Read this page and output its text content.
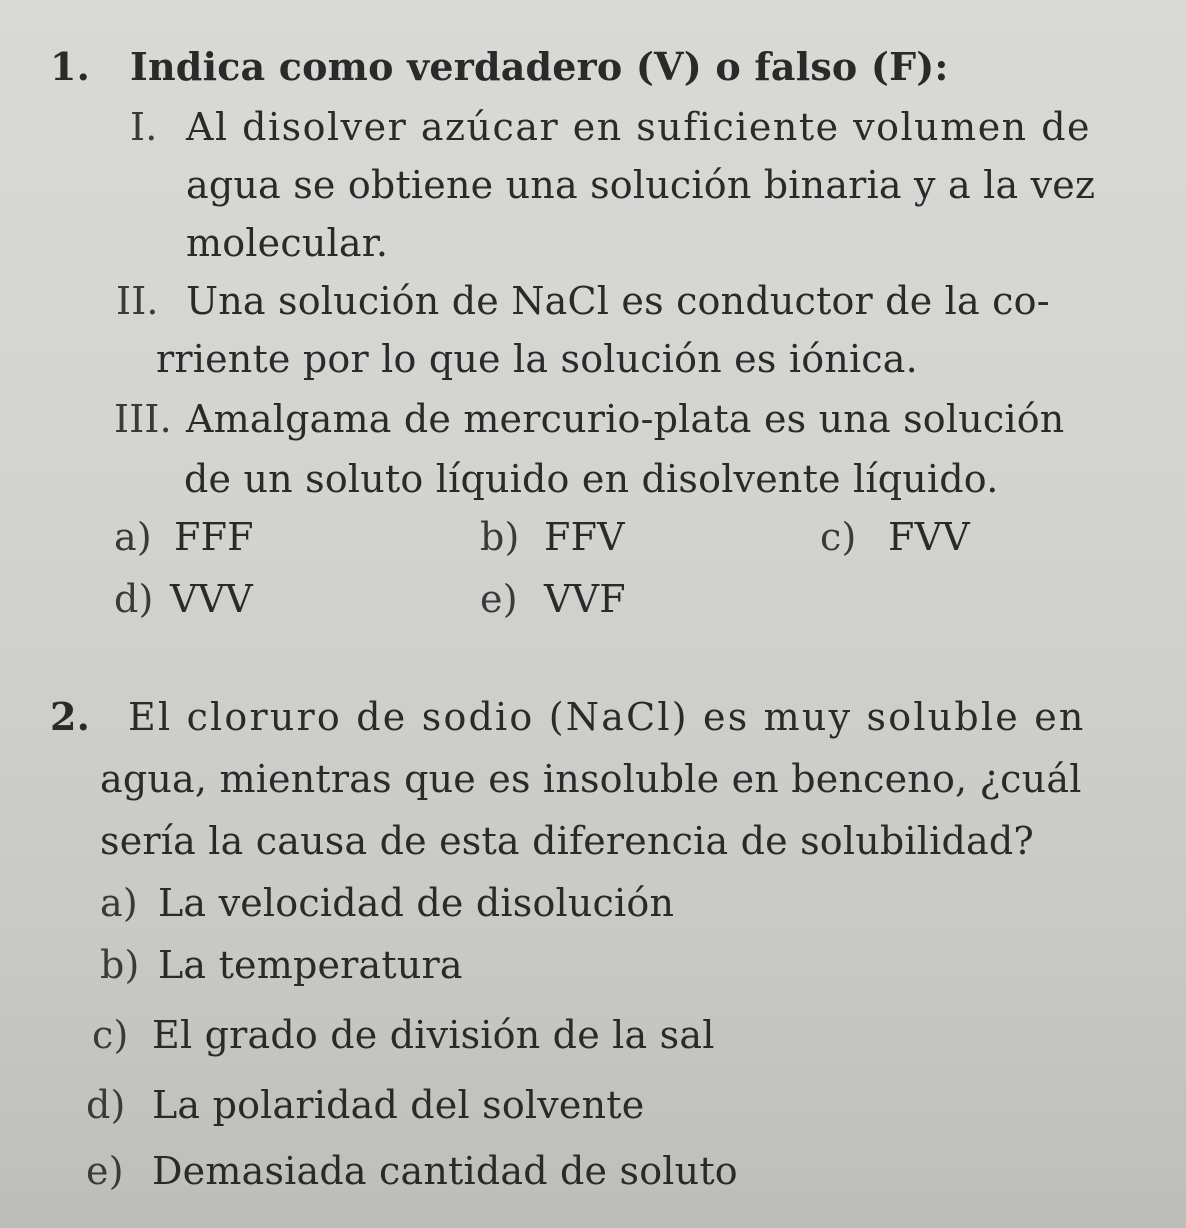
1. Indica como verdadero (V) o falso (F):
I. Al disolver azúcar en suficiente volumen de
agua se obtiene una solución binaria y a la vez
molecular.
II. Una solución de NaCl es conductor de la co-
rriente por lo que la solución es iónica.
III. Amalgama de mercurio-plata es una solución
de un soluto líquido en disolvente líquido.
a) FFF	b) FFV	c) FVV
d) VVV	e) VVF
2. El cloruro de sodio (NaCl) es muy soluble en
agua, mientras que es insoluble en benceno, ¿cuál
sería la causa de esta diferencia de solubilidad?
a) La velocidad de disolución
b) La temperatura
c) El grado de división de la sal
d) La polaridad del solvente
e) Demasiada cantidad de soluto
